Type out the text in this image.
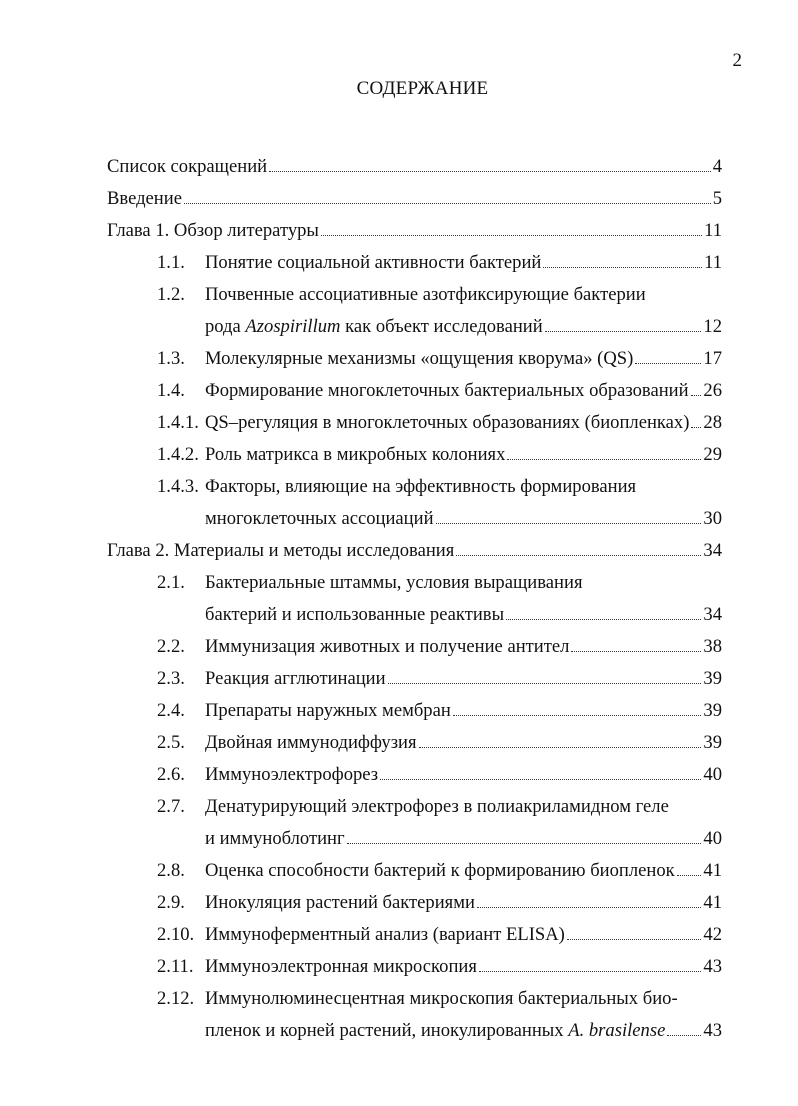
2
СОДЕРЖАНИЕ
Список сокращений	4
Введение	5
Глава 1. Обзор литературы	11
1.1.	Понятие социальной активности бактерий	11
1.2.	Почвенные ассоциативные азотфиксирующие бактерии
рода Azospirillum как объект исследований	12
1.3.	Молекулярные механизмы «ощущения кворума» (QS)	17
1.4.	Формирование многоклеточных бактериальных образований 26
1.4.1. QS–регуляция в многоклеточных образованиях (биопленках) 28
1.4.2. Роль матрикса в микробных колониях	29
1.4.3. Факторы, влияющие на эффективность формирования
многоклеточных ассоциаций	30
Глава 2. Материалы и методы исследования	34
2.1.	Бактериальные штаммы, условия выращивания
бактерий и использованные реактивы	34
2.2.	Иммунизация животных и получение антител	38
2.3.	Реакция агглютинации	39
2.4.	Препараты наружных мембран	39
2.5.	Двойная иммунодиффузия	39
2.6.	Иммуноэлектрофорез	40
2.7.	Денатурирующий электрофорез в полиакриламидном геле
и иммуноблотинг	40
2.8.	Оценка способности бактерий к формированию биопленок 41
2.9.	Инокуляция растений бактериями	41
2.10. Иммуноферментный анализ (вариант ELISA)	42
2.11. Иммуноэлектронная микроскопия	43
2.12. Иммунолюминесцентная микроскопия бактериальных био-
пленок и корней растений, инокулированных A. brasilense 43
